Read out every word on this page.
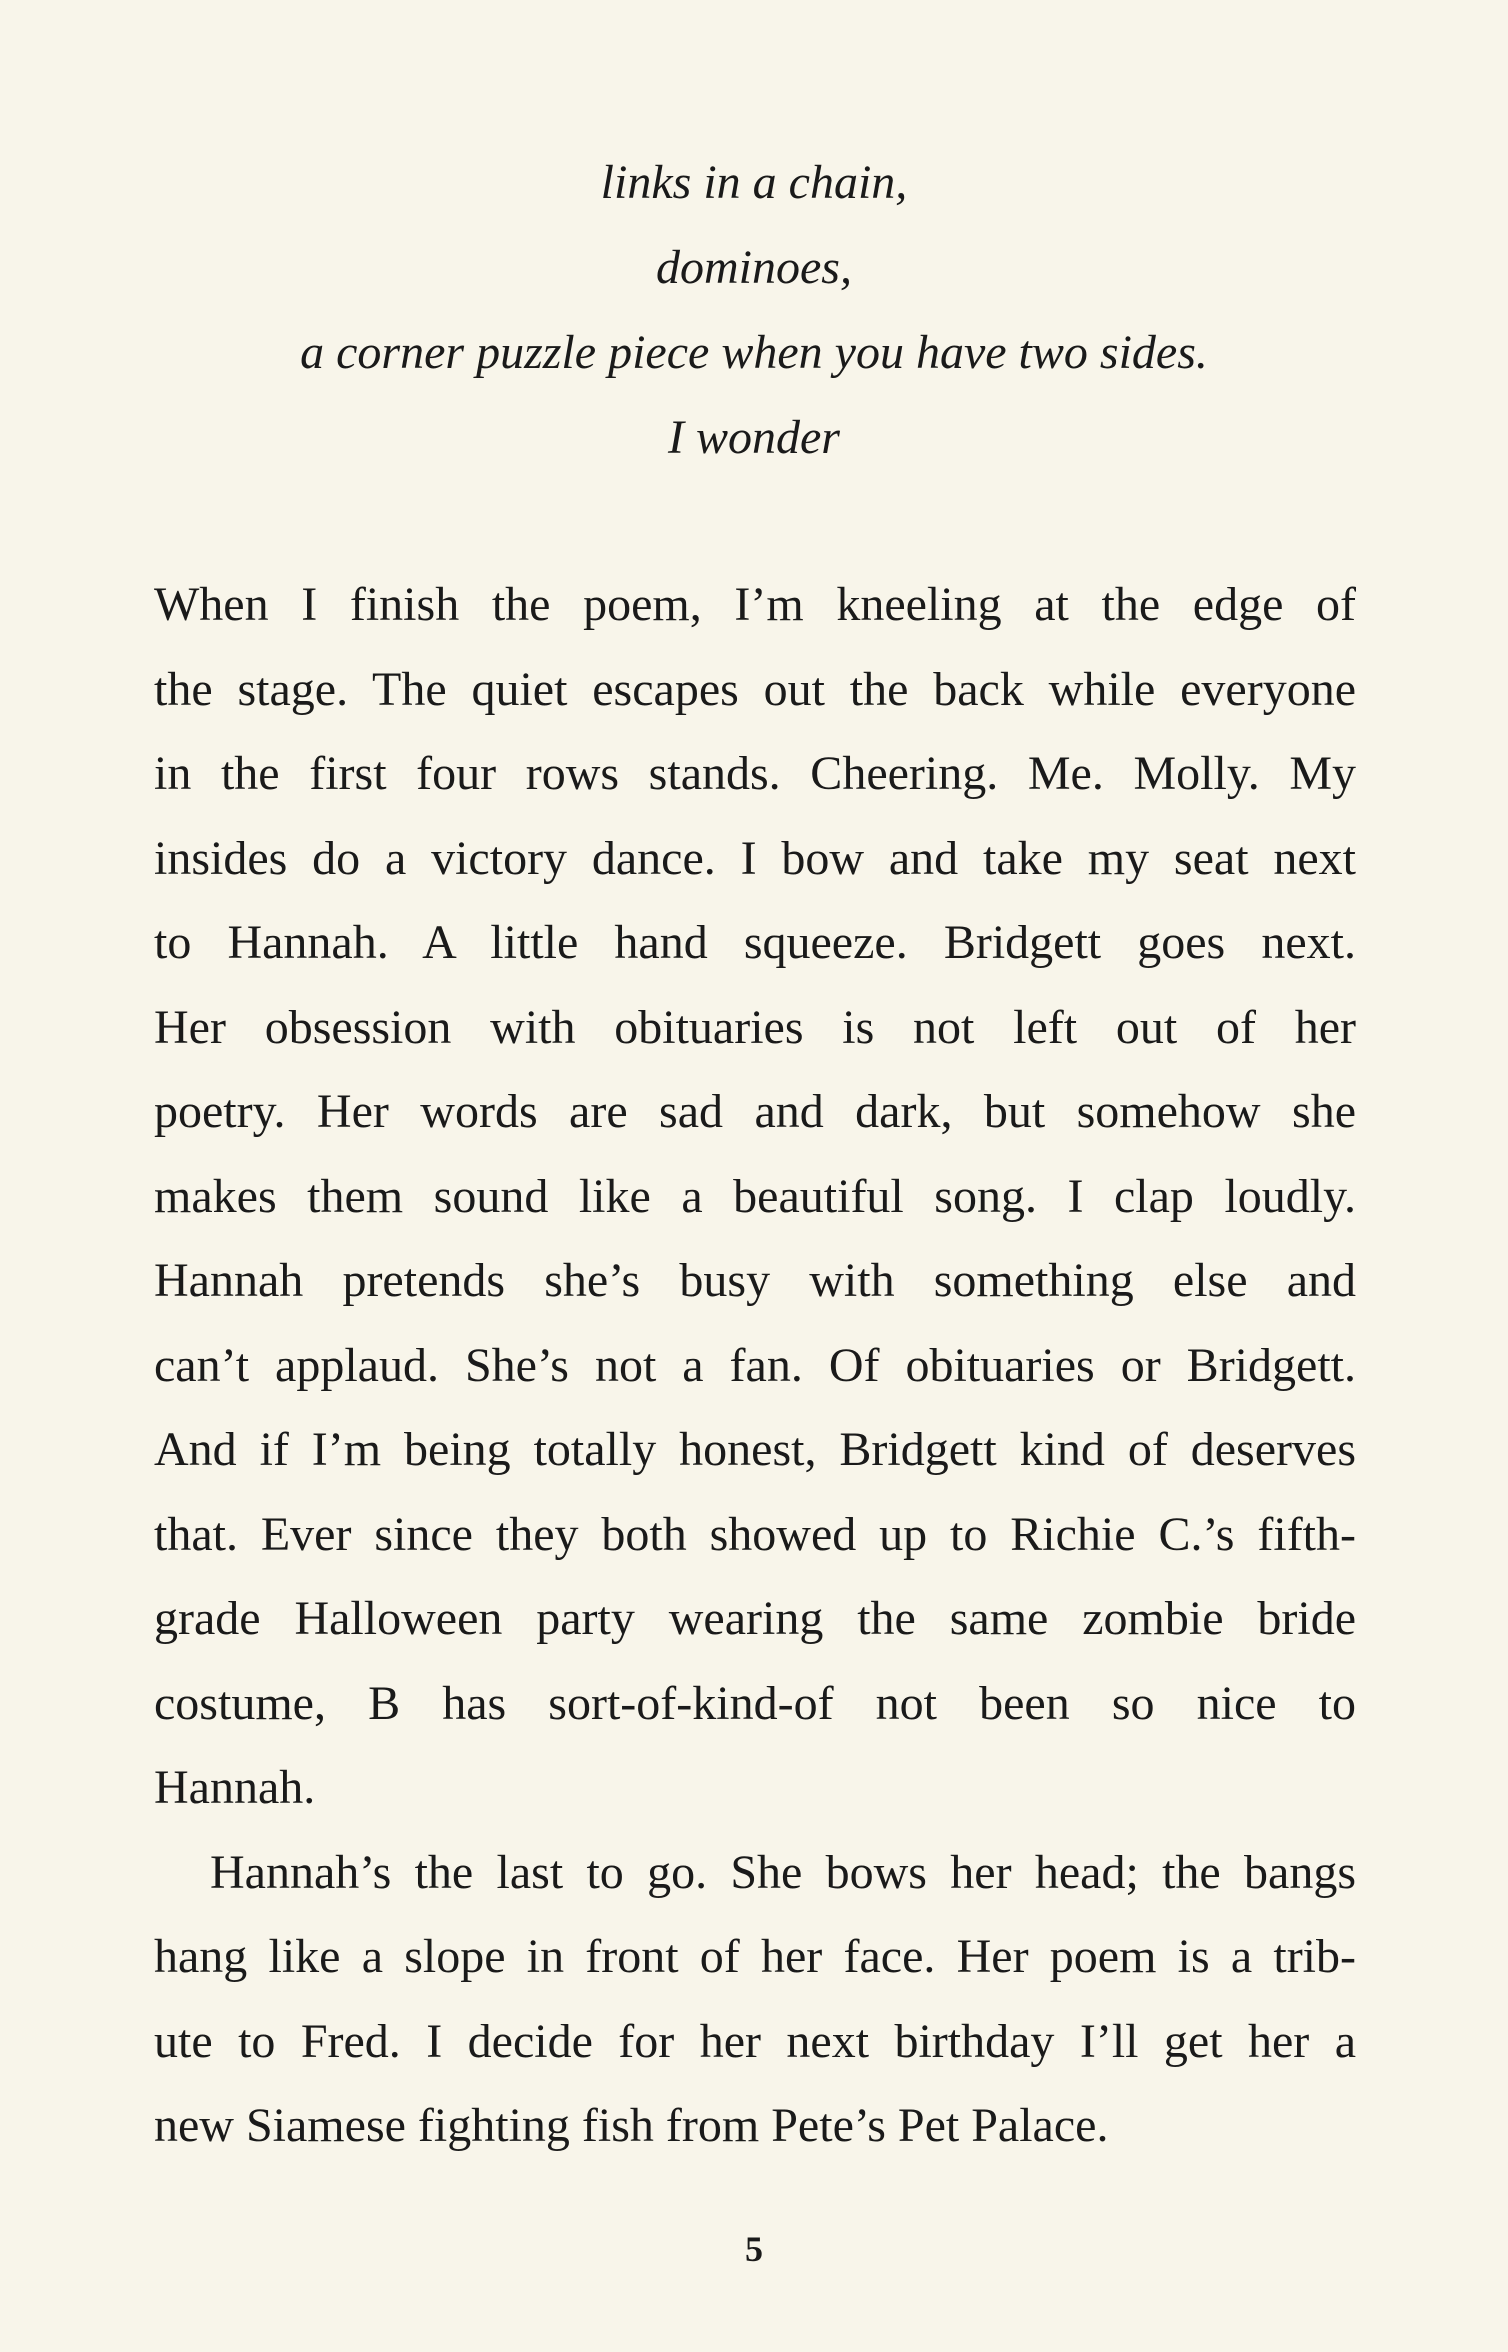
links in a chain,
dominoes,
a corner puzzle piece when you have two sides.
I wonder
When I finish the poem, I’m kneeling at the edge of
the stage. The quiet escapes out the back while everyone
in the first four rows stands. Cheering. Me. Molly. My
insides do a victory dance. I bow and take my seat next
to Hannah. A little hand squeeze. Bridgett goes next.
Her obsession with obituaries is not left out of her
poetry. Her words are sad and dark, but somehow she
makes them sound like a beautiful song. I clap loudly.
Hannah pretends she’s busy with something else and
can’t applaud. She’s not a fan. Of obituaries or Bridgett.
And if I’m being totally honest, Bridgett kind of deserves
that. Ever since they both showed up to Richie C.’s fifth-
grade Halloween party wearing the same zombie bride
costume, B has sort-of-kind-of not been so nice to
Hannah.
Hannah’s the last to go. She bows her head; the bangs
hang like a slope in front of her face. Her poem is a trib-
ute to Fred. I decide for her next birthday I’ll get her a
new Siamese fighting fish from Pete’s Pet Palace.
5
